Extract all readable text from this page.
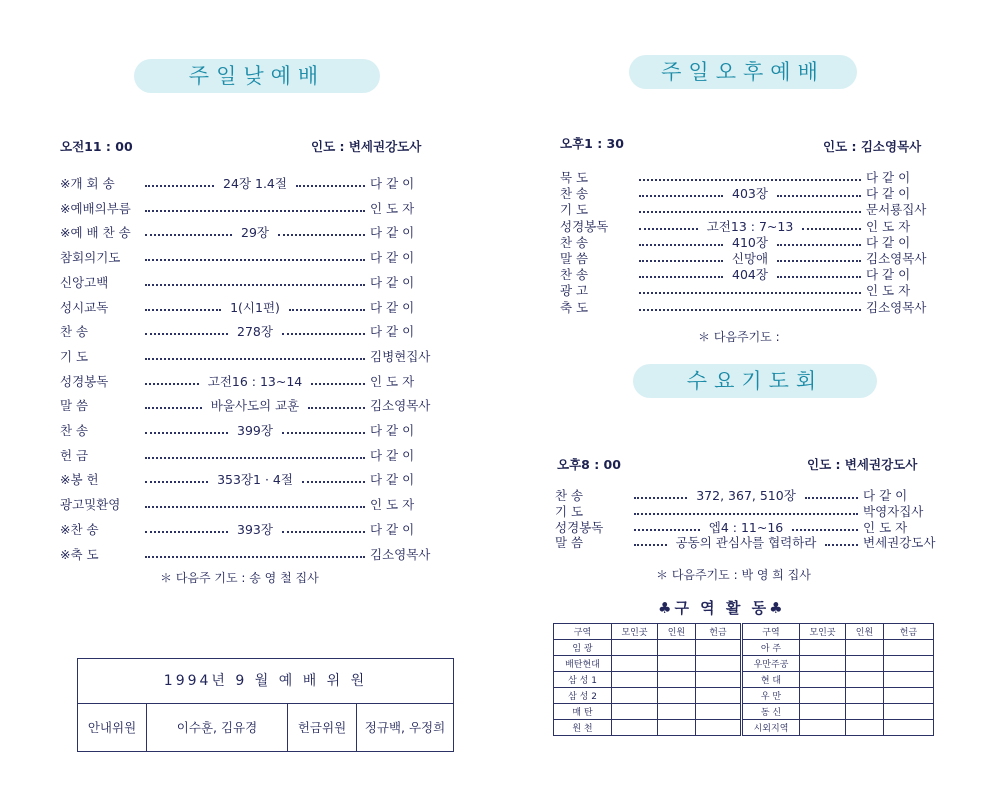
주일낮예배
오전11 : 00	인도 : 변세권강도사
※개 회 송	24장 1.4절	다 같 이
※예배의부름	인 도 자
※예 배 찬 송	29장	다 같 이
참회의기도	다 같 이
신앙고백	다 같 이
성시교독	1(시1편)	다 같 이
찬 송	278장	다 같 이
기 도	김병현집사
성경봉독	고전16 : 13~14	인 도 자
말 씀	바울사도의 교훈	김소영목사
찬 송	399장	다 같 이
헌 금	다 같 이
※봉 헌	353장1 · 4절	다 같 이
광고및환영	인 도 자
※찬 송	393장	다 같 이
※축 도	김소영목사
＊ 다음주 기도 : 송 영 철 집사
1994년 9 월 예 배 위 원
안내위원	이수훈, 김유경	헌금위원	정규백, 우정희
주일오후예배
오후1 : 30	인도 : 김소영목사
묵 도	다 같 이
찬 송	403장	다 같 이
기 도	문서룡집사
성경봉독	고전13 : 7~13	인 도 자
찬 송	410장	다 같 이
말 씀	신망애	김소영목사
찬 송	404장	다 같 이
광 고	인 도 자
축 도	김소영목사
＊ 다음주기도 :
수요기도회
오후8 : 00	인도 : 변세권강도사
찬 송	372, 367, 510장	다 같 이
기 도	박영자집사
성경봉독	엡4 : 11~16	인 도 자
말 씀	공동의 관심사를 협력하라	변세권강도사
＊ 다음주기도 : 박 영 희 집사
♣구 역 활 동♣
구역	모인곳	인원	헌금	구역	모인곳	인원	헌금
임 광				아 주			
배탄현대				우만주공			
삼 성 1				현 대			
삼 성 2				우 만			
매 탄				동 신			
원 천				시외지역			
